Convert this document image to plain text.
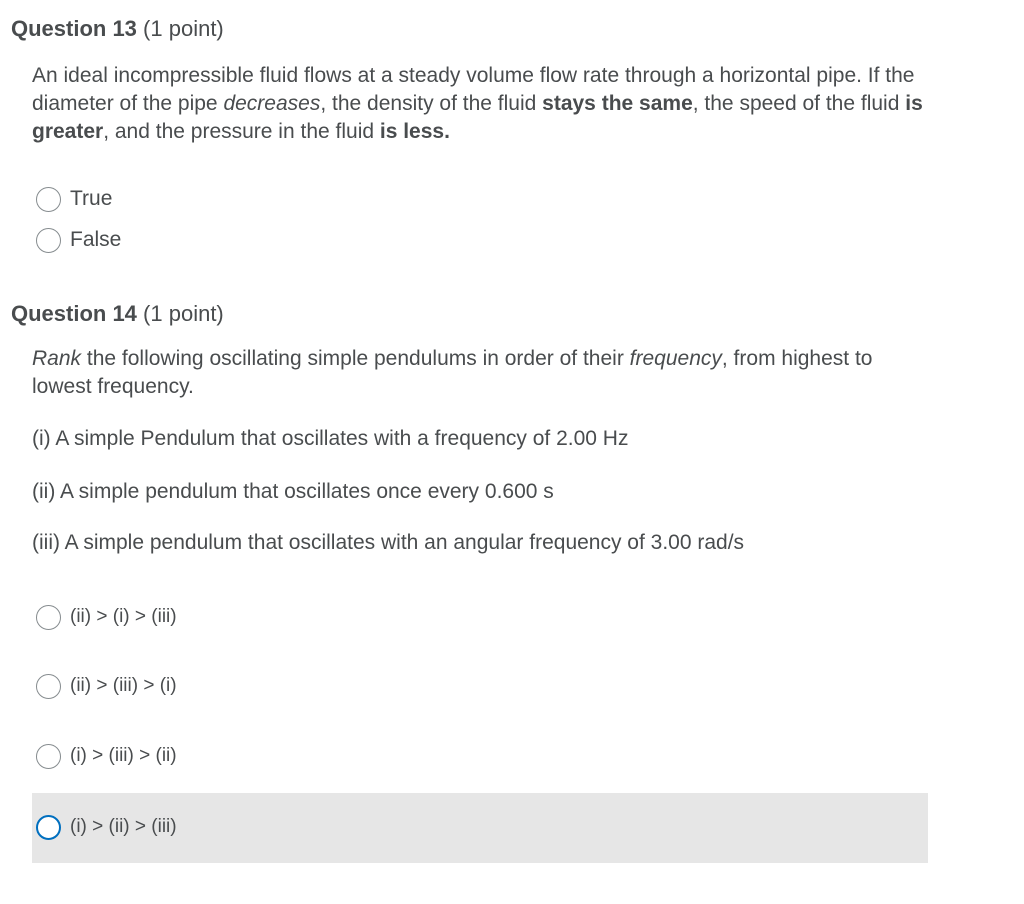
Question 13 (1 point)
An ideal incompressible fluid flows at a steady volume flow rate through a horizontal pipe. If the diameter of the pipe decreases, the density of the fluid stays the same, the speed of the fluid is greater, and the pressure in the fluid is less.
True
False
Question 14 (1 point)
Rank the following oscillating simple pendulums in order of their frequency, from highest to lowest frequency.
(i) A simple Pendulum that oscillates with a frequency of 2.00 Hz
(ii) A simple pendulum that oscillates once every 0.600 s
(iii) A simple pendulum that oscillates with an angular frequency of 3.00 rad/s
(ii) > (i) > (iii)
(ii) > (iii) > (i)
(i) > (iii) > (ii)
(i) > (ii) > (iii)
